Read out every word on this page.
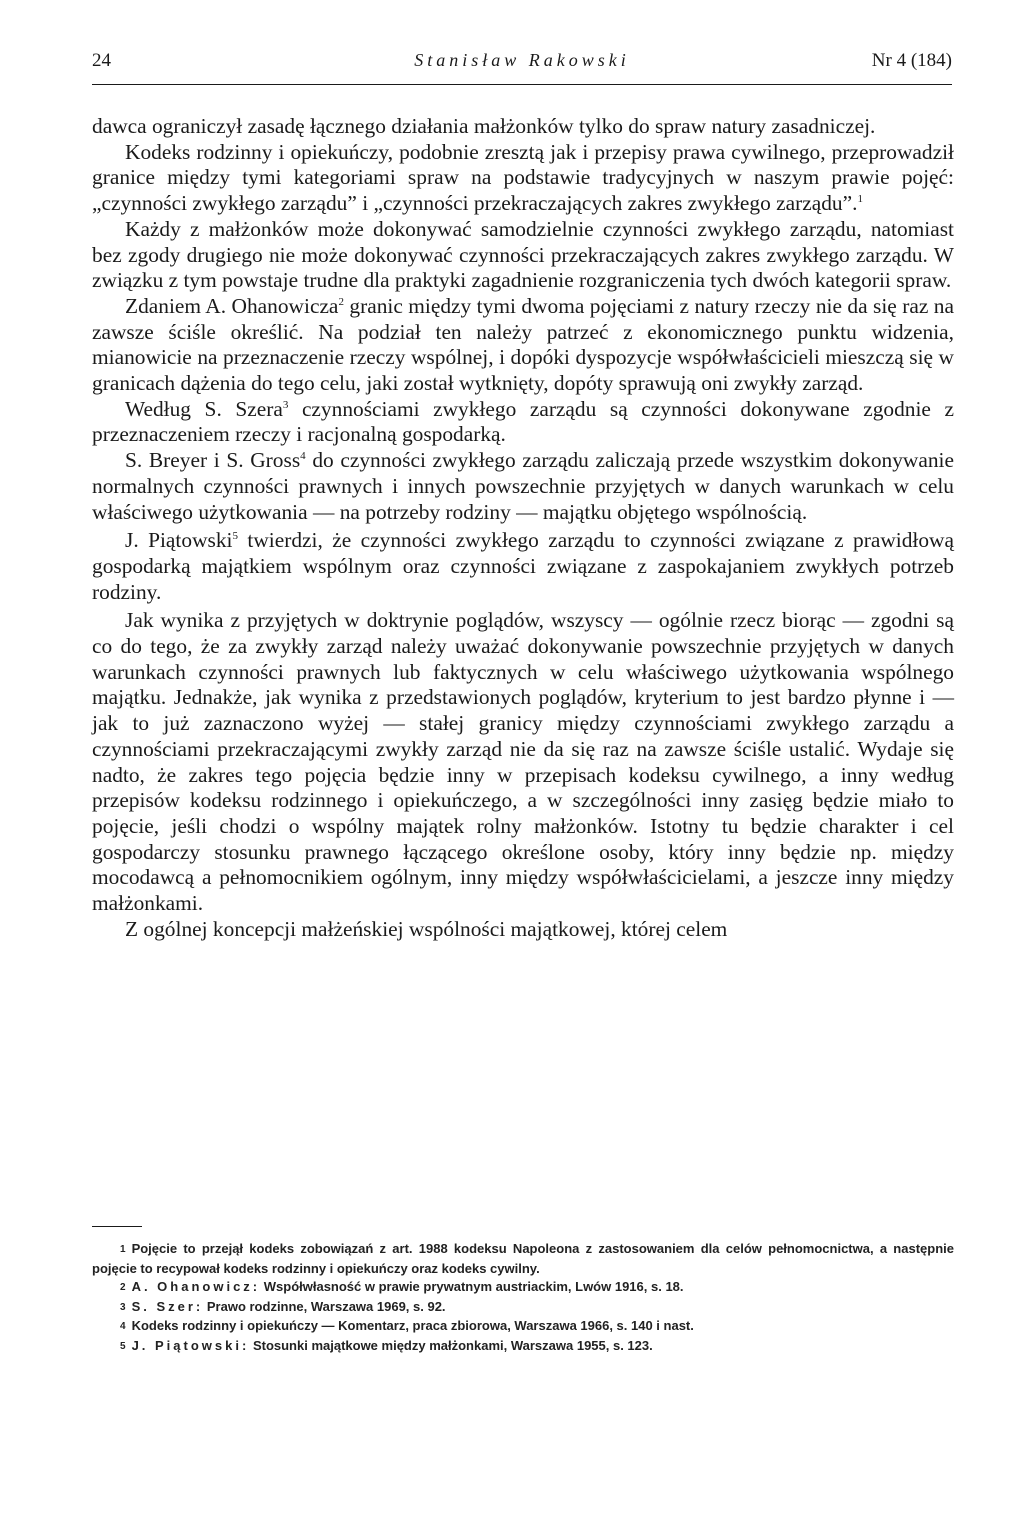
24	Stanisław Rakowski	Nr 4 (184)

dawca ograniczył zasadę łącznego działania małżonków tylko do spraw natury zasadniczej.

Kodeks rodzinny i opiekuńczy, podobnie zresztą jak i przepisy prawa cywilnego, przeprowadził granice między tymi kategoriami spraw na podstawie tradycyjnych w naszym prawie pojęć: „czynności zwykłego zarządu” i „czynności przekraczających zakres zwykłego zarządu”.$^1$

Każdy z małżonków może dokonywać samodzielnie czynności zwykłego zarządu, natomiast bez zgody drugiego nie może dokonywać czynności przekraczających zakres zwykłego zarządu. W związku z tym powstaje trudne dla praktyki zagadnienie rozgraniczenia tych dwóch kategorii spraw.

Zdaniem A. Ohanowicza$^2$ granic między tymi dwoma pojęciami z natury rzeczy nie da się raz na zawsze ściśle określić. Na podział ten należy patrzeć z ekonomicznego punktu widzenia, mianowicie na przeznaczenie rzeczy wspólnej, i dopóki dyspozycje współwłaścicieli mieszczą się w granicach dążenia do tego celu, jaki został wytknięty, dopóty sprawują oni zwykły zarząd.

Według S. Szera$^3$ czynnościami zwykłego zarządu są czynności dokonywane zgodnie z przeznaczeniem rzeczy i racjonalną gospodarką.

S. Breyer i S. Gross$^4$ do czynności zwykłego zarządu zaliczają przede wszystkim dokonywanie normalnych czynności prawnych i innych powszechnie przyjętych w danych warunkach w celu właściwego użytkowania — na potrzeby rodziny — majątku objętego wspólnością.

J. Piątowski$^5$ twierdzi, że czynności zwykłego zarządu to czynności związane z prawidłową gospodarką majątkiem wspólnym oraz czynności związane z zaspokajaniem zwykłych potrzeb rodziny.

Jak wynika z przyjętych w doktrynie poglądów, wszyscy — ogólnie rzecz biorąc — zgodni są co do tego, że za zwykły zarząd należy uważać dokonywanie powszechnie przyjętych w danych warunkach czynności prawnych lub faktycznych w celu właściwego użytkowania wspólnego majątku. Jednakże, jak wynika z przedstawionych poglądów, kryterium to jest bardzo płynne i — jak to już zaznaczono wyżej — stałej granicy między czynnościami zwykłego zarządu a czynnościami przekraczającymi zwykły zarząd nie da się raz na zawsze ściśle ustalić. Wydaje się nadto, że zakres tego pojęcia będzie inny w przepisach kodeksu cywilnego, a inny według przepisów kodeksu rodzinnego i opiekuńczego, a w szczególności inny zasięg będzie miało to pojęcie, jeśli chodzi o wspólny majątek rolny małżonków. Istotny tu będzie charakter i cel gospodarczy stosunku prawnego łączącego określone osoby, który inny będzie np. między mocodawcą a pełnomocnikiem ogólnym, inny między współwłaścicielami, a jeszcze inny między małżonkami.

Z ogólnej koncepcji małżeńskiej wspólności majątkowej, której celem

1 Pojęcie to przejął kodeks zobowiązań z art. 1988 kodeksu Napoleona z zastosowaniem dla celów pełnomocnictwa, a następnie pojęcie to recypował kodeks rodzinny i opiekuńczy oraz kodeks cywilny.

2 A. Ohanowicz: Współwłasność w prawie prywatnym austriackim, Lwów 1916, s. 18.

3 S. Szer: Prawo rodzinne, Warszawa 1969, s. 92.

4 Kodeks rodzinny i opiekuńczy — Komentarz, praca zbiorowa, Warszawa 1966, s. 140 i nast.

5 J. Piątowski: Stosunki majątkowe między małżonkami, Warszawa 1955, s. 123.
